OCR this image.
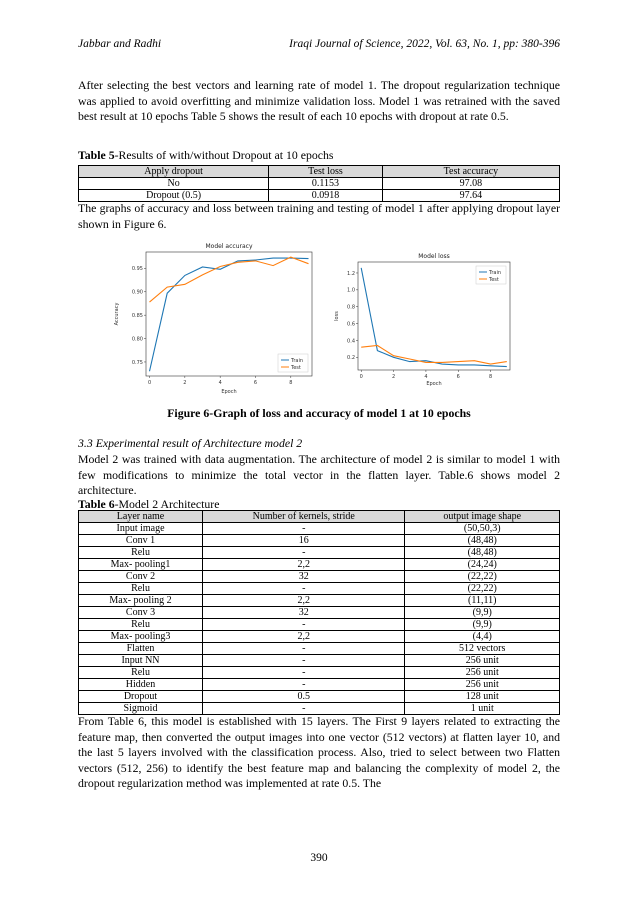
Jabbar and Radhi	Iraqi Journal of Science, 2022, Vol. 63, No. 1, pp: 380-396
After selecting the best vectors and learning rate of model 1. The dropout regularization technique was applied to avoid overfitting and minimize validation loss. Model 1 was retrained with the saved best result at 10 epochs Table 5 shows the result of each 10 epochs with dropout at rate 0.5.
Table 5-Results of with/without Dropout at 10 epochs
Apply dropout	Test loss	Test accuracy
No	0.1153	97.08
Dropout (0.5)	0.0918	97.64
The graphs of accuracy and loss between training and testing of model 1 after applying dropout layer shown in Figure 6.
Model accuracy
0	2	4	6	8
0.75
0.80
0.85
0.90
0.95
Epoch
Accuracy
Train
Test
Model loss
0	2	4	6	8
0.2
0.4
0.6
0.8
1.0
1.2
Epoch
loss
Train
Test
Figure 6-Graph of loss and accuracy of model 1 at 10 epochs
3.3 Experimental result of Architecture model 2
Model 2 was trained with data augmentation. The architecture of model 2 is similar to model 1 with few modifications to minimize the total vector in the flatten layer. Table.6 shows model 2 architecture.
Table 6-Model 2 Architecture
Layer name	Number of kernels, stride	output image shape
Input image	-	(50,50,3)
Conv 1	16	(48,48)
Relu	-	(48,48)
Max- pooling1	2,2	(24,24)
Conv 2	32	(22,22)
Relu	-	(22,22)
Max- pooling 2	2,2	(11,11)
Conv 3	32	(9,9)
Relu	-	(9,9)
Max- pooling3	2,2	(4,4)
Flatten	-	512 vectors
Input NN	-	256 unit
Relu	-	256 unit
Hidden	-	256 unit
Dropout	0.5	128 unit
Sigmoid	-	1 unit
From Table 6, this model is established with 15 layers. The First 9 layers related to extracting the feature map, then converted the output images into one vector (512 vectors) at flatten layer 10, and the last 5 layers involved with the classification process. Also, tried to select between two Flatten vectors (512, 256) to identify the best feature map and balancing the complexity of model 2, the dropout regularization method was implemented at rate 0.5. The
390
